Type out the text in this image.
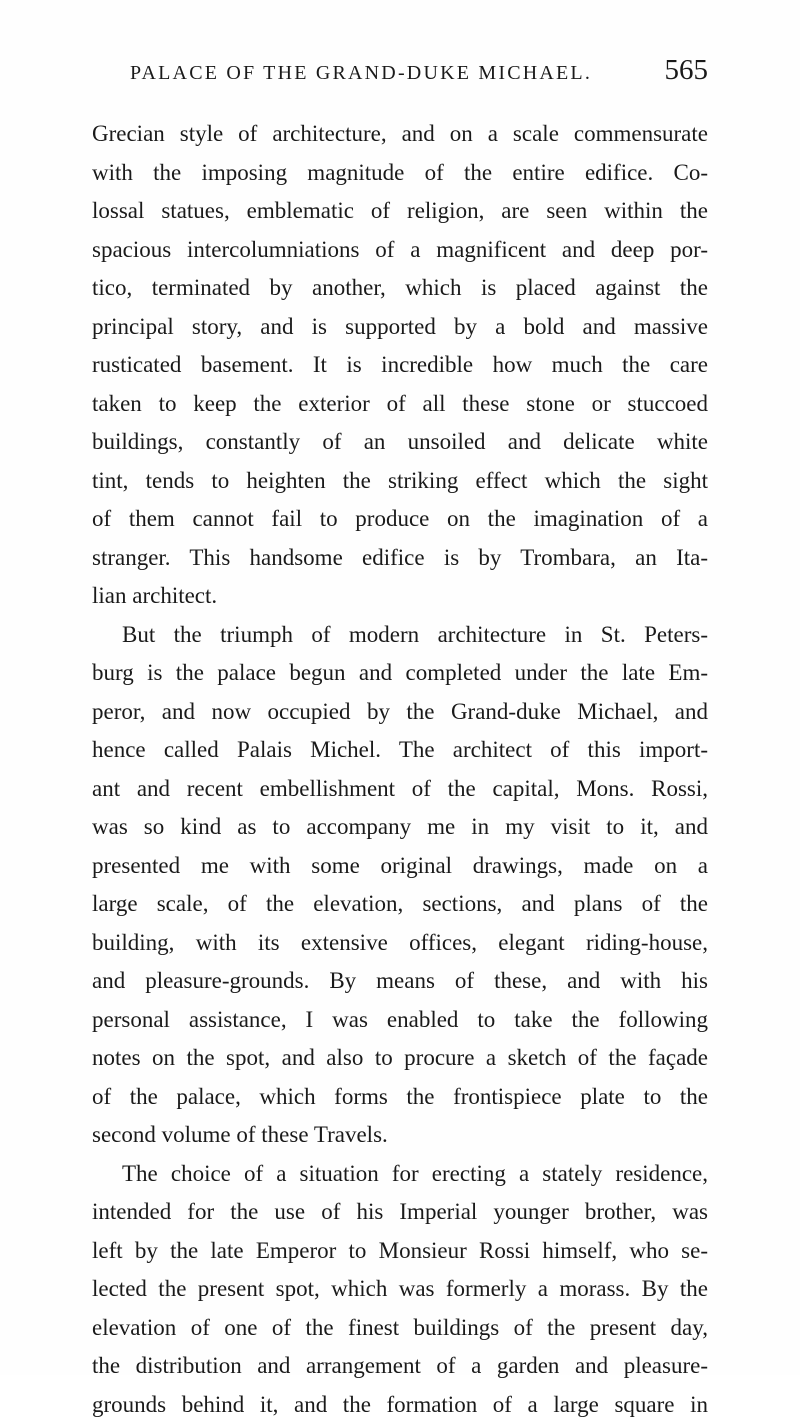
PALACE OF THE GRAND-DUKE MICHAEL. 565
Grecian style of architecture, and on a scale commensurate
with the imposing magnitude of the entire edifice. Co-
lossal statues, emblematic of religion, are seen within the
spacious intercolumniations of a magnificent and deep por-
tico, terminated by another, which is placed against the
principal story, and is supported by a bold and massive
rusticated basement. It is incredible how much the care
taken to keep the exterior of all these stone or stuccoed
buildings, constantly of an unsoiled and delicate white
tint, tends to heighten the striking effect which the sight
of them cannot fail to produce on the imagination of a
stranger. This handsome edifice is by Trombara, an Ita-
lian architect.
But the triumph of modern architecture in St. Peters-
burg is the palace begun and completed under the late Em-
peror, and now occupied by the Grand-duke Michael, and
hence called Palais Michel. The architect of this import-
ant and recent embellishment of the capital, Mons. Rossi,
was so kind as to accompany me in my visit to it, and
presented me with some original drawings, made on a
large scale, of the elevation, sections, and plans of the
building, with its extensive offices, elegant riding-house,
and pleasure-grounds. By means of these, and with his
personal assistance, I was enabled to take the following
notes on the spot, and also to procure a sketch of the façade
of the palace, which forms the frontispiece plate to the
second volume of these Travels.
The choice of a situation for erecting a stately residence,
intended for the use of his Imperial younger brother, was
left by the late Emperor to Monsieur Rossi himself, who se-
lected the present spot, which was formerly a morass. By the
elevation of one of the finest buildings of the present day,
the distribution and arrangement of a garden and pleasure-
grounds behind it, and the formation of a large square in
